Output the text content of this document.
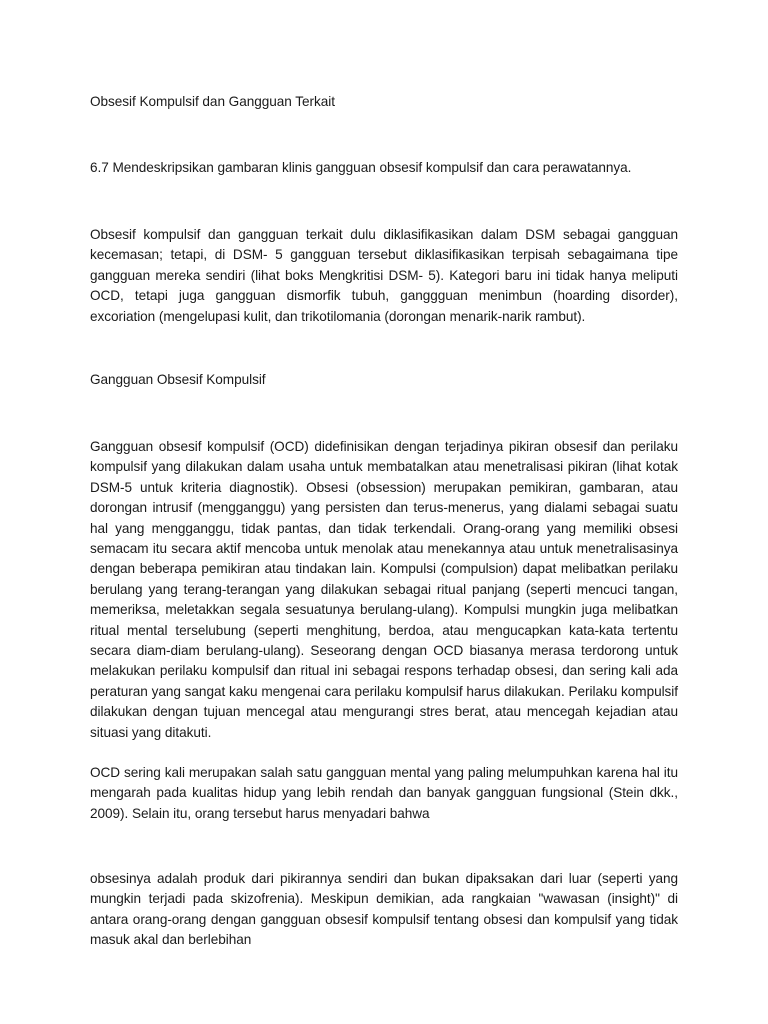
Obsesif Kompulsif dan Gangguan Terkait
6.7 Mendeskripsikan gambaran klinis gangguan obsesif kompulsif dan cara perawatannya.
Obsesif kompulsif dan gangguan terkait dulu diklasifikasikan dalam DSM sebagai gangguan kecemasan; tetapi, di DSM- 5 gangguan tersebut diklasifikasikan terpisah sebagaimana tipe gangguan mereka sendiri (lihat boks Mengkritisi DSM- 5). Kategori baru ini tidak hanya meliputi OCD, tetapi juga gangguan dismorfik tubuh, ganggguan menimbun (hoarding disorder), excoriation (mengelupasi kulit, dan trikotilomania (dorongan menarik-narik rambut).
Gangguan Obsesif Kompulsif
Gangguan obsesif kompulsif (OCD) didefinisikan dengan terjadinya pikiran obsesif dan perilaku kompulsif yang dilakukan dalam usaha untuk membatalkan atau menetralisasi pikiran (lihat kotak DSM-5 untuk kriteria diagnostik). Obsesi (obsession) merupakan pemikiran, gambaran, atau dorongan intrusif (mengganggu) yang persisten dan terus-menerus, yang dialami sebagai suatu hal yang mengganggu, tidak pantas, dan tidak terkendali. Orang-orang yang memiliki obsesi semacam itu secara aktif mencoba untuk menolak atau menekannya atau untuk menetralisasinya dengan beberapa pemikiran atau tindakan lain. Kompulsi (compulsion) dapat melibatkan perilaku berulang yang terang-terangan yang dilakukan sebagai ritual panjang (seperti mencuci tangan, memeriksa, meletakkan segala sesuatunya berulang-ulang). Kompulsi mungkin juga melibatkan ritual mental terselubung (seperti menghitung, berdoa, atau mengucapkan kata-kata tertentu secara diam-diam berulang-ulang). Seseorang dengan OCD biasanya merasa terdorong untuk melakukan perilaku kompulsif dan ritual ini sebagai respons terhadap obsesi, dan sering kali ada peraturan yang sangat kaku mengenai cara perilaku kompulsif harus dilakukan. Perilaku kompulsif dilakukan dengan tujuan mencegal atau mengurangi stres berat, atau mencegah kejadian atau situasi yang ditakuti.
OCD sering kali merupakan salah satu gangguan mental yang paling melumpuhkan karena hal itu mengarah pada kualitas hidup yang lebih rendah dan banyak gangguan fungsional (Stein dkk., 2009). Selain itu, orang tersebut harus menyadari bahwa
obsesinya adalah produk dari pikirannya sendiri dan bukan dipaksakan dari luar (seperti yang mungkin terjadi pada skizofrenia). Meskipun demikian, ada rangkaian "wawasan (insight)" di antara orang-orang dengan gangguan obsesif kompulsif tentang obsesi dan kompulsif yang tidak masuk akal dan berlebihan
